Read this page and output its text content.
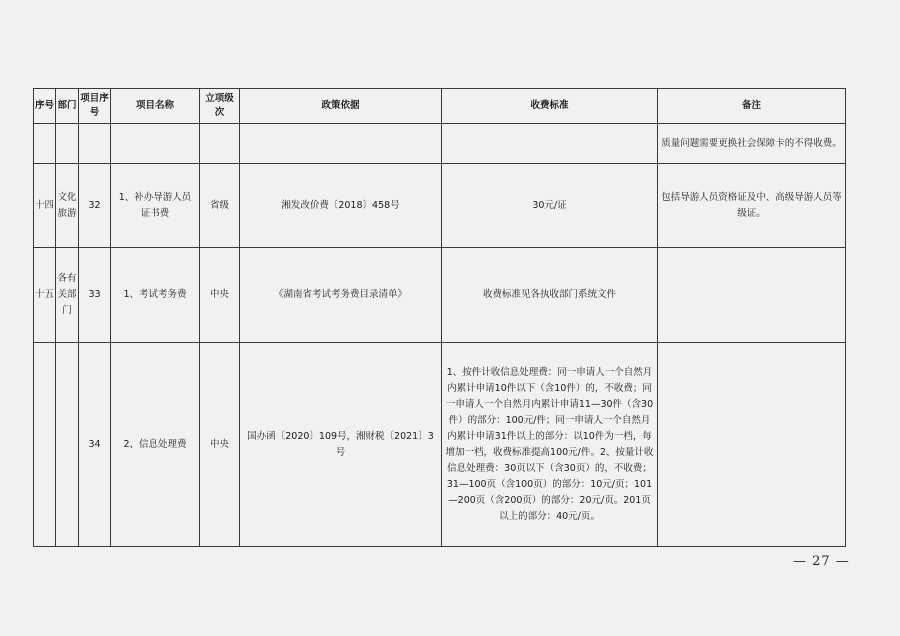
序号	部门	项目序号	项目名称	立项级次	政策依据	收费标准	备注
							质量问题需要更换社会保障卡的不得收费。
十四	文化旅游	32	1、补办导游人员证书费	省级	湘发改价费〔2018〕458号	30元/证	包括导游人员资格证及中、高级导游人员等级证。
十五	各有关部门	33	1、考试考务费	中央	《湖南省考试考务费目录清单》	收费标准见各执收部门系统文件	
		34	2、信息处理费	中央	国办函〔2020〕109号，湘财税〔2021〕3号	1、按件计收信息处理费：同一申请人一个自然月内累计申请10件以下（含10件）的，不收费；同一申请人一个自然月内累计申请11—30件（含30件）的部分：100元/件；同一申请人一个自然月内累计申请31件以上的部分：以10件为一档，每增加一档，收费标准提高100元/件。2、按量计收信息处理费：30页以下（含30页）的，不收费；31—100页（含100页）的部分：10元/页；101—200页（含200页）的部分：20元/页。201页以上的部分：40元/页。	
— 27 —
